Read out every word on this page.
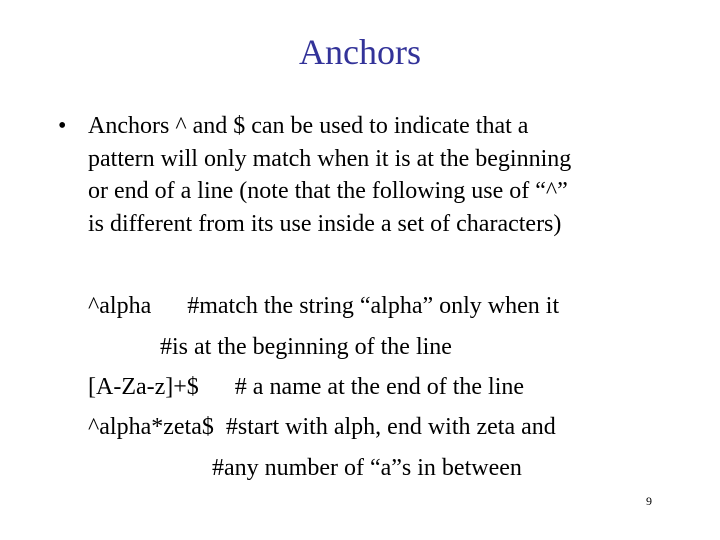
Anchors
• Anchors ^ and $ can be used to indicate that a
pattern will only match when it is at the beginning
or end of a line (note that the following use of “^”
is different from its use inside a set of characters)
^alpha      #match the string “alpha” only when it
#is at the beginning of the line
[A-Za-z]+$      # a name at the end of the line
^alpha*zeta$  #start with alph, end with zeta and
#any number of “a”s in between
9
